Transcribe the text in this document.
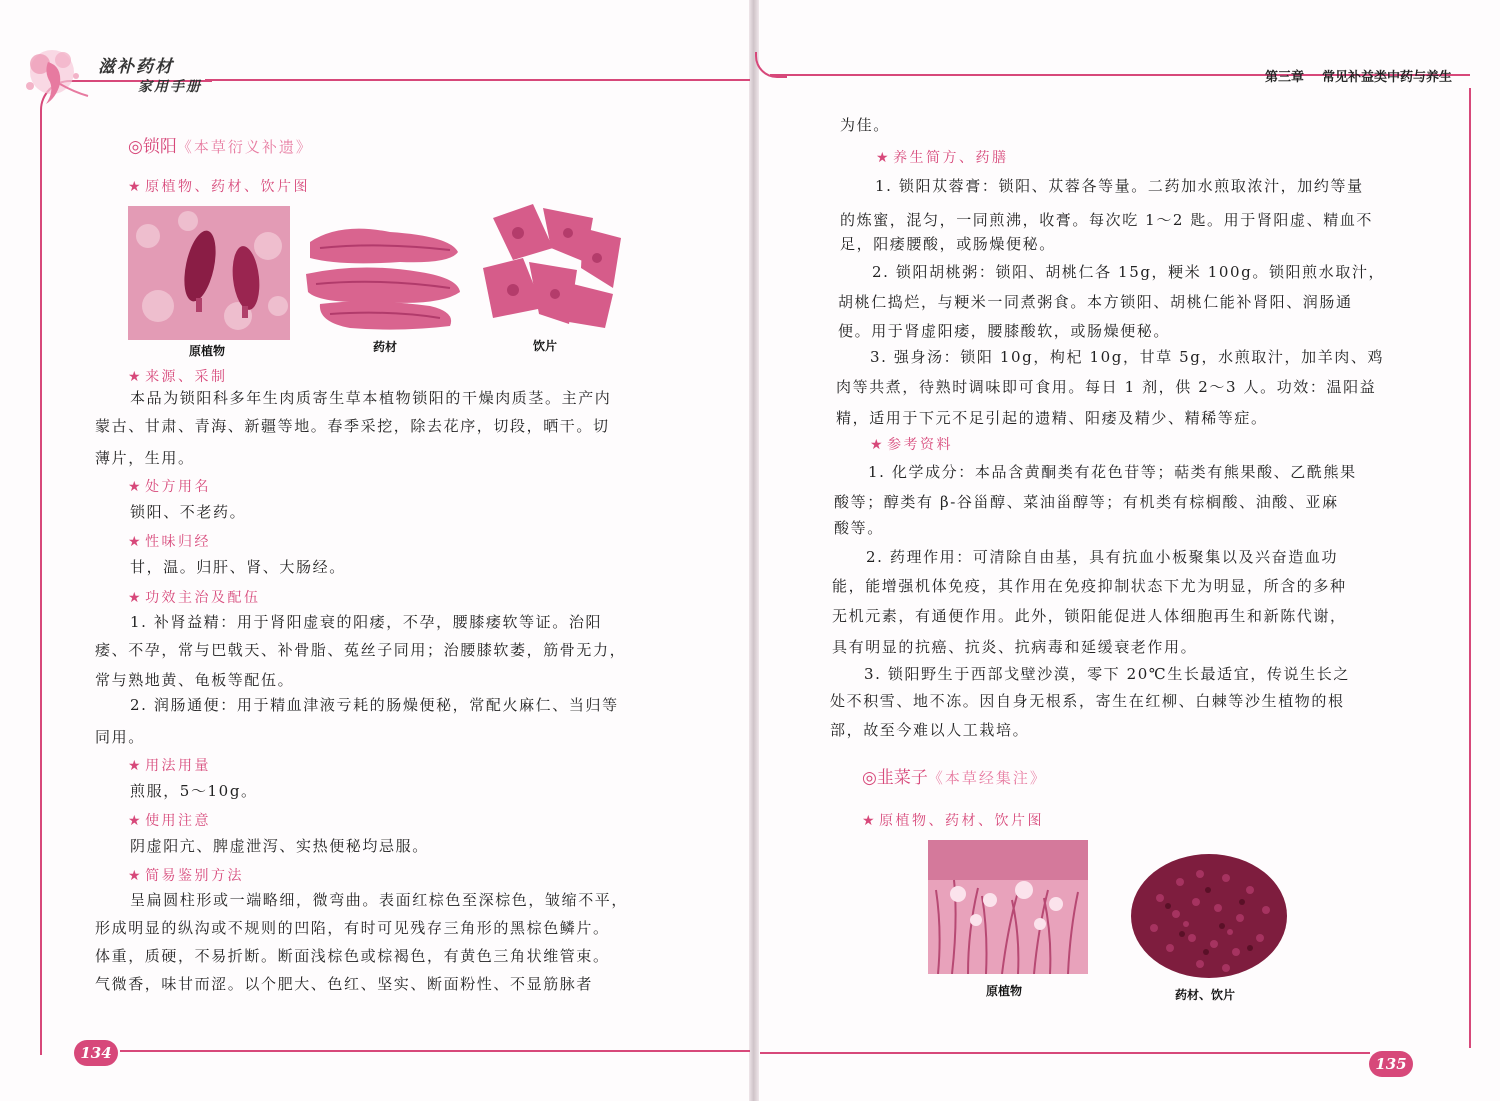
滋补药材
家用手册
第三章 常见补益类中药与养生
◎锁阳《本草衍义补遗》
★ 原植物、药材、饮片图
原植物	药材	饮片
★ 来源、采制
本品为锁阳科多年生肉质寄生草本植物锁阳的干燥肉质茎。主产内
蒙古、甘肃、青海、新疆等地。春季采挖，除去花序，切段，晒干。切
薄片，生用。
★ 处方用名
锁阳、不老药。
★ 性味归经
甘，温。归肝、肾、大肠经。
★ 功效主治及配伍
1. 补肾益精：用于肾阳虚衰的阳痿，不孕，腰膝痿软等证。治阳
痿、不孕，常与巴戟天、补骨脂、菟丝子同用；治腰膝软萎，筋骨无力，
常与熟地黄、龟板等配伍。
2. 润肠通便：用于精血津液亏耗的肠燥便秘，常配火麻仁、当归等
同用。
★ 用法用量
煎服，5～10g。
★ 使用注意
阴虚阳亢、脾虚泄泻、实热便秘均忌服。
★ 简易鉴别方法
呈扁圆柱形或一端略细，微弯曲。表面红棕色至深棕色，皱缩不平，
形成明显的纵沟或不规则的凹陷，有时可见残存三角形的黑棕色鳞片。
体重，质硬，不易折断。断面浅棕色或棕褐色，有黄色三角状维管束。
气微香，味甘而涩。以个肥大、色红、坚实、断面粉性、不显筋脉者
134
为佳。
★ 养生简方、药膳
1. 锁阳苁蓉膏：锁阳、苁蓉各等量。二药加水煎取浓汁，加约等量
的炼蜜，混匀，一同煎沸，收膏。每次吃 1～2 匙。用于肾阳虚、精血不
足，阳痿腰酸，或肠燥便秘。
2. 锁阳胡桃粥：锁阳、胡桃仁各 15g，粳米 100g。锁阳煎水取汁，
胡桃仁捣烂，与粳米一同煮粥食。本方锁阳、胡桃仁能补肾阳、润肠通
便。用于肾虚阳痿，腰膝酸软，或肠燥便秘。
3. 强身汤：锁阳 10g，枸杞 10g，甘草 5g，水煎取汁，加羊肉、鸡
肉等共煮，待熟时调味即可食用。每日 1 剂，供 2～3 人。功效：温阳益
精，适用于下元不足引起的遗精、阳痿及精少、精稀等症。
★ 参考资料
1. 化学成分：本品含黄酮类有花色苷等；萜类有熊果酸、乙酰熊果
酸等；醇类有 β-谷甾醇、菜油甾醇等；有机类有棕榈酸、油酸、亚麻
酸等。
2. 药理作用：可清除自由基，具有抗血小板聚集以及兴奋造血功
能，能增强机体免疫，其作用在免疫抑制状态下尤为明显，所含的多种
无机元素，有通便作用。此外，锁阳能促进人体细胞再生和新陈代谢，
具有明显的抗癌、抗炎、抗病毒和延缓衰老作用。
3. 锁阳野生于西部戈壁沙漠，零下 20℃生长最适宜，传说生长之
处不积雪、地不冻。因自身无根系，寄生在红柳、白棘等沙生植物的根
部，故至今难以人工栽培。
◎韭菜子《本草经集注》
★ 原植物、药材、饮片图
原植物	药材、饮片
135
